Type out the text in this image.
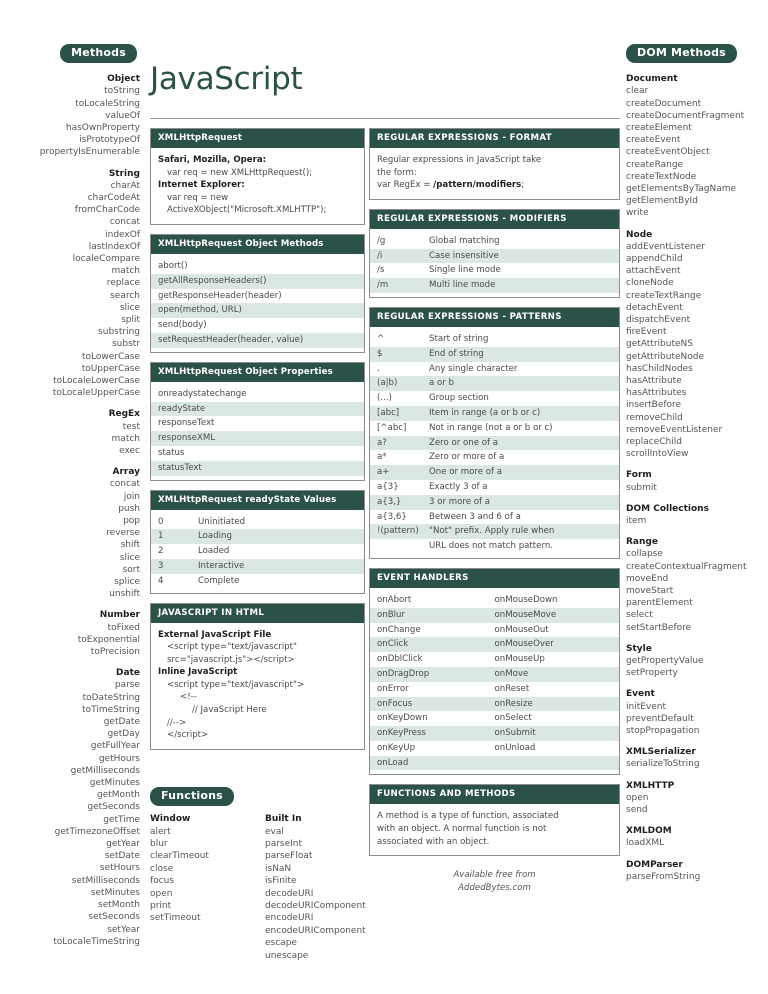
Methods
Object
toString
toLocaleString
valueOf
hasOwnProperty
isPrototypeOf
propertyIsEnumerable
String
charAt
charCodeAt
fromCharCode
concat
indexOf
lastIndexOf
localeCompare
match
replace
search
slice
split
substring
substr
toLowerCase
toUpperCase
toLocaleLowerCase
toLocaleUpperCase
RegEx
test
match
exec
Array
concat
join
push
pop
reverse
shift
slice
sort
splice
unshift
Number
toFixed
toExponential
toPrecision
Date
parse
toDateString
toTimeString
getDate
getDay
getFullYear
getHours
getMilliseconds
getMinutes
getMonth
getSeconds
getTime
getTimezoneOffset
getYear
setDate
setHours
setMilliseconds
setMinutes
setMonth
setSeconds
setYear
toLocaleTimeString
DOM Methods
Document
clear
createDocument
createDocumentFragment
createElement
createEvent
createEventObject
createRange
createTextNode
getElementsByTagName
getElementById
write
Node
addEventListener
appendChild
attachEvent
cloneNode
createTextRange
detachEvent
dispatchEvent
fireEvent
getAttributeNS
getAttributeNode
hasChildNodes
hasAttribute
hasAttributes
insertBefore
removeChild
removeEventListener
replaceChild
scrollIntoView
Form
submit
DOM Collections
item
Range
collapse
createContextualFragment
moveEnd
moveStart
parentElement
select
setStartBefore
Style
getPropertyValue
setProperty
Event
initEvent
preventDefault
stopPropagation
XMLSerializer
serializeToString
XMLHTTP
open
send
XMLDOM
loadXML
DOMParser
parseFromString
JavaScript
XMLHttpRequest
Safari, Mozilla, Opera:
var req = new XMLHttpRequest();
Internet Explorer:
var req = new
ActiveXObject("Microsoft.XMLHTTP");
XMLHttpRequest Object Methods
abort()
getAllResponseHeaders()
getResponseHeader(header)
open(method, URL)
send(body)
setRequestHeader(header, value)
XMLHttpRequest Object Properties
onreadystatechange
readyState
responseText
responseXML
status
statusText
XMLHttpRequest readyState Values
0	Uninitiated
1	Loading
2	Loaded
3	Interactive
4	Complete
JAVASCRIPT IN HTML
External JavaScript File
<script type="text/javascript"
src="javascript.js"></script>
Inline JavaScript
<script type="text/javascript">
<!--
// JavaScript Here
//-->
</script>
Functions
Window
alert
blur
clearTimeout
close
focus
open
print
setTimeout
Built In
eval
parseInt
parseFloat
isNaN
isFinite
decodeURI
decodeURIComponent
encodeURI
encodeURIComponent
escape
unescape
REGULAR EXPRESSIONS - FORMAT
Regular expressions in JavaScript take
the form:
var RegEx = /pattern/modifiers;
REGULAR EXPRESSIONS - MODIFIERS
/g	Global matching
/i	Case insensitive
/s	Single line mode
/m	Multi line mode
REGULAR EXPRESSIONS - PATTERNS
^	Start of string
$	End of string
.	Any single character
(a|b)	a or b
(...)	Group section
[abc]	Item in range (a or b or c)
[^abc]	Not in range (not a or b or c)
a?	Zero or one of a
a*	Zero or more of a
a+	One or more of a
a{3}	Exactly 3 of a
a{3,}	3 or more of a
a{3,6}	Between 3 and 6 of a
!(pattern)	"Not" prefix. Apply rule when
URL does not match pattern.
EVENT HANDLERS
onAbort	onMouseDown
onBlur	onMouseMove
onChange	onMouseOut
onClick	onMouseOver
onDblClick	onMouseUp
onDragDrop	onMove
onError	onReset
onFocus	onResize
onKeyDown	onSelect
onKeyPress	onSubmit
onKeyUp	onUnload
onLoad
FUNCTIONS AND METHODS
A method is a type of function, associated
with an object. A normal function is not
associated with an object.
Available free from
AddedBytes.com
